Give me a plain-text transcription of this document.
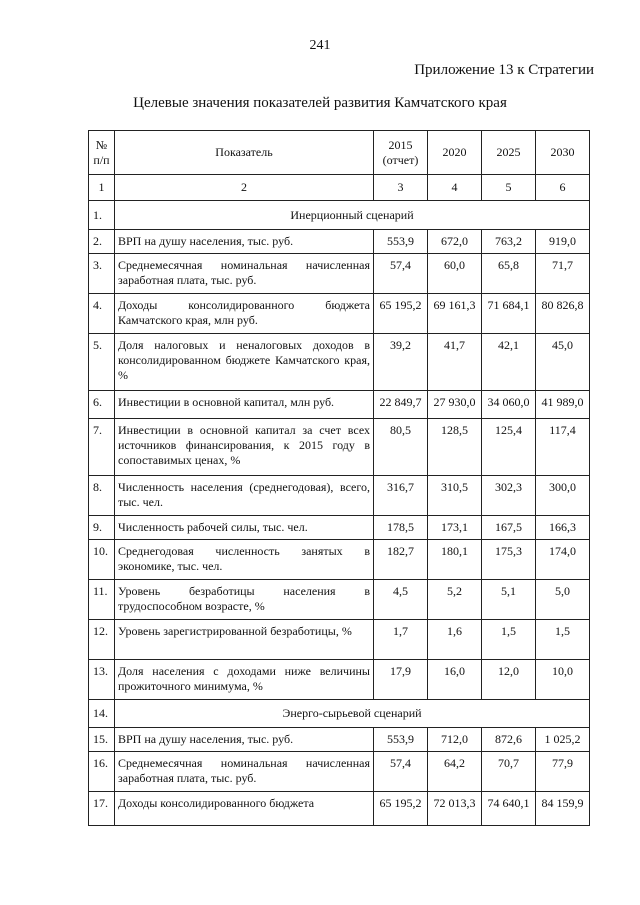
241
Приложение 13 к Стратегии
Целевые значения показателей развития Камчатского края
№ п/п	Показатель	2015 (отчет)	2020	2025	2030
1	2	3	4	5	6
1.	Инерционный сценарий				
2.	ВРП на душу населения, тыс. руб.	553,9	672,0	763,2	919,0
3.	Среднемесячная номинальная начисленная заработная плата, тыс. руб.	57,4	60,0	65,8	71,7
4.	Доходы консолидированного бюджета Камчатского края, млн руб.	65 195,2	69 161,3	71 684,1	80 826,8
5.	Доля налоговых и неналоговых доходов в консолидированном бюджете Камчатского края, %	39,2	41,7	42,1	45,0
6.	Инвестиции в основной капитал, млн руб.	22 849,7	27 930,0	34 060,0	41 989,0
7.	Инвестиции в основной капитал за счет всех источников финансирования, к 2015 году в сопоставимых ценах, %	80,5	128,5	125,4	117,4
8.	Численность населения (среднегодовая), всего, тыс. чел.	316,7	310,5	302,3	300,0
9.	Численность рабочей силы, тыс. чел.	178,5	173,1	167,5	166,3
10.	Среднегодовая численность занятых в экономике, тыс. чел.	182,7	180,1	175,3	174,0
11.	Уровень безработицы населения в трудоспособном возрасте, %	4,5	5,2	5,1	5,0
12.	Уровень зарегистрированной безработицы, %	1,7	1,6	1,5	1,5
13.	Доля населения с доходами ниже величины прожиточного минимума, %	17,9	16,0	12,0	10,0
14.	Энерго-сырьевой сценарий				
15.	ВРП на душу населения, тыс. руб.	553,9	712,0	872,6	1 025,2
16.	Среднемесячная номинальная начисленная заработная плата, тыс. руб.	57,4	64,2	70,7	77,9
17.	Доходы консолидированного бюджета	65 195,2	72 013,3	74 640,1	84 159,9
